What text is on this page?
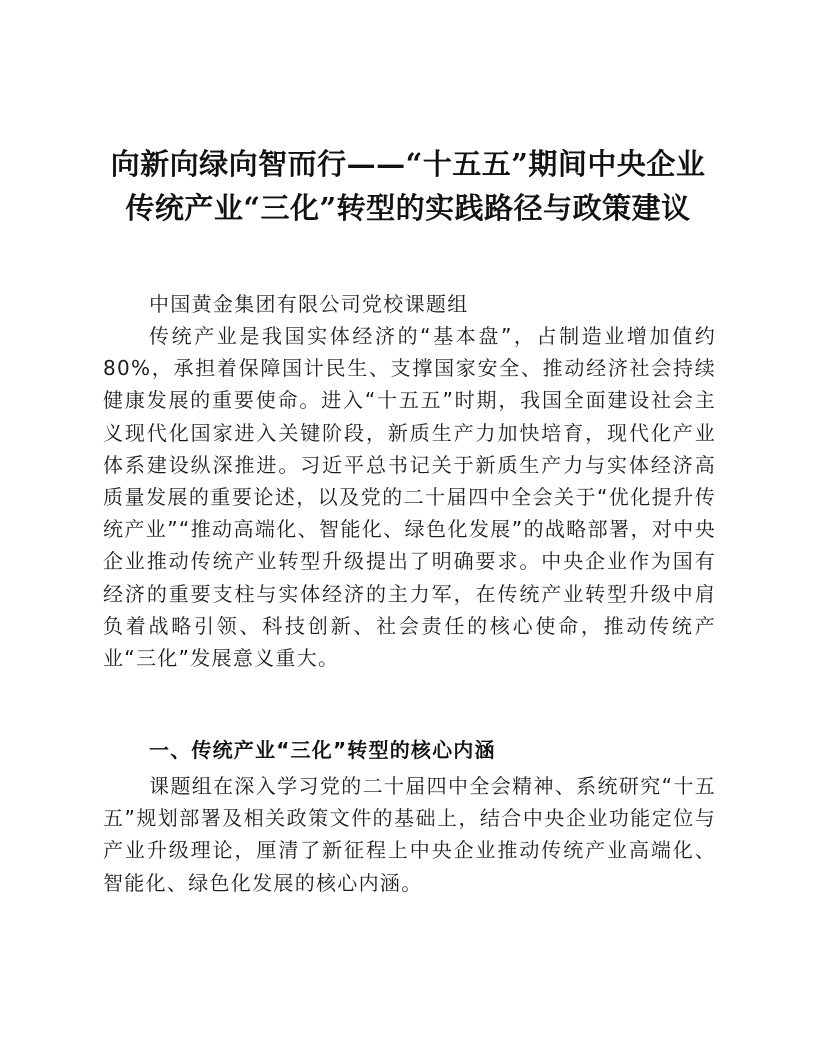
向新向绿向智而行——“十五五”期间中央企业传统产业“三化”转型的实践路径与政策建议

中国黄金集团有限公司党校课题组

传统产业是我国实体经济的“基本盘”，占制造业增加值约80%，承担着保障国计民生、支撑国家安全、推动经济社会持续健康发展的重要使命。进入“十五五”时期，我国全面建设社会主义现代化国家进入关键阶段，新质生产力加快培育，现代化产业体系建设纵深推进。习近平总书记关于新质生产力与实体经济高质量发展的重要论述，以及党的二十届四中全会关于“优化提升传统产业”“推动高端化、智能化、绿色化发展”的战略部署，对中央企业推动传统产业转型升级提出了明确要求。中央企业作为国有经济的重要支柱与实体经济的主力军，在传统产业转型升级中肩负着战略引领、科技创新、社会责任的核心使命，推动传统产业“三化”发展意义重大。

一、传统产业“三化”转型的核心内涵

课题组在深入学习党的二十届四中全会精神、系统研究“十五五”规划部署及相关政策文件的基础上，结合中央企业功能定位与产业升级理论，厘清了新征程上中央企业推动传统产业高端化、智能化、绿色化发展的核心内涵。
